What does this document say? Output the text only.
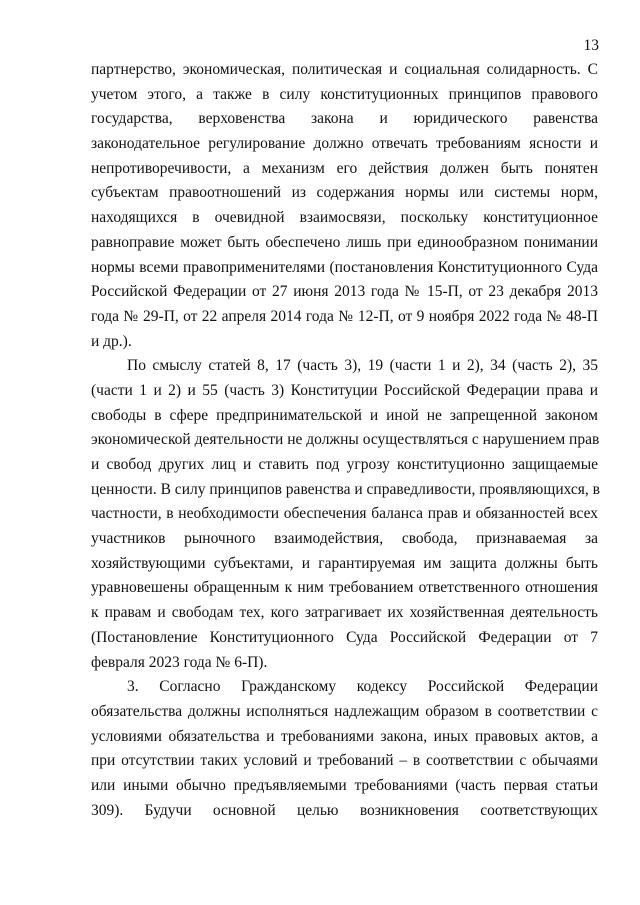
13
партнерство, экономическая, политическая и социальная солидарность. С
учетом этого, а также в силу конституционных принципов правового
государства, верховенства закона и юридического равенства
законодательное регулирование должно отвечать требованиям ясности и
непротиворечивости, а механизм его действия должен быть понятен
субъектам правоотношений из содержания нормы или системы норм,
находящихся в очевидной взаимосвязи, поскольку конституционное
равноправие может быть обеспечено лишь при единообразном понимании
нормы всеми правоприменителями (постановления Конституционного Суда
Российской Федерации от 27 июня 2013 года № 15-П, от 23 декабря 2013
года № 29-П, от 22 апреля 2014 года № 12-П, от 9 ноября 2022 года № 48-П
и др.).
По смыслу статей 8, 17 (часть 3), 19 (части 1 и 2), 34 (часть 2), 35
(части 1 и 2) и 55 (часть 3) Конституции Российской Федерации права и
свободы в сфере предпринимательской и иной не запрещенной законом
экономической деятельности не должны осуществляться с нарушением прав
и свобод других лиц и ставить под угрозу конституционно защищаемые
ценности. В силу принципов равенства и справедливости, проявляющихся, в
частности, в необходимости обеспечения баланса прав и обязанностей всех
участников рыночного взаимодействия, свобода, признаваемая за
хозяйствующими субъектами, и гарантируемая им защита должны быть
уравновешены обращенным к ним требованием ответственного отношения
к правам и свободам тех, кого затрагивает их хозяйственная деятельность
(Постановление Конституционного Суда Российской Федерации от 7
февраля 2023 года № 6-П).
3. Согласно Гражданскому кодексу Российской Федерации
обязательства должны исполняться надлежащим образом в соответствии с
условиями обязательства и требованиями закона, иных правовых актов, а
при отсутствии таких условий и требований – в соответствии с обычаями
или иными обычно предъявляемыми требованиями (часть первая статьи
309). Будучи основной целью возникновения соответствующих
